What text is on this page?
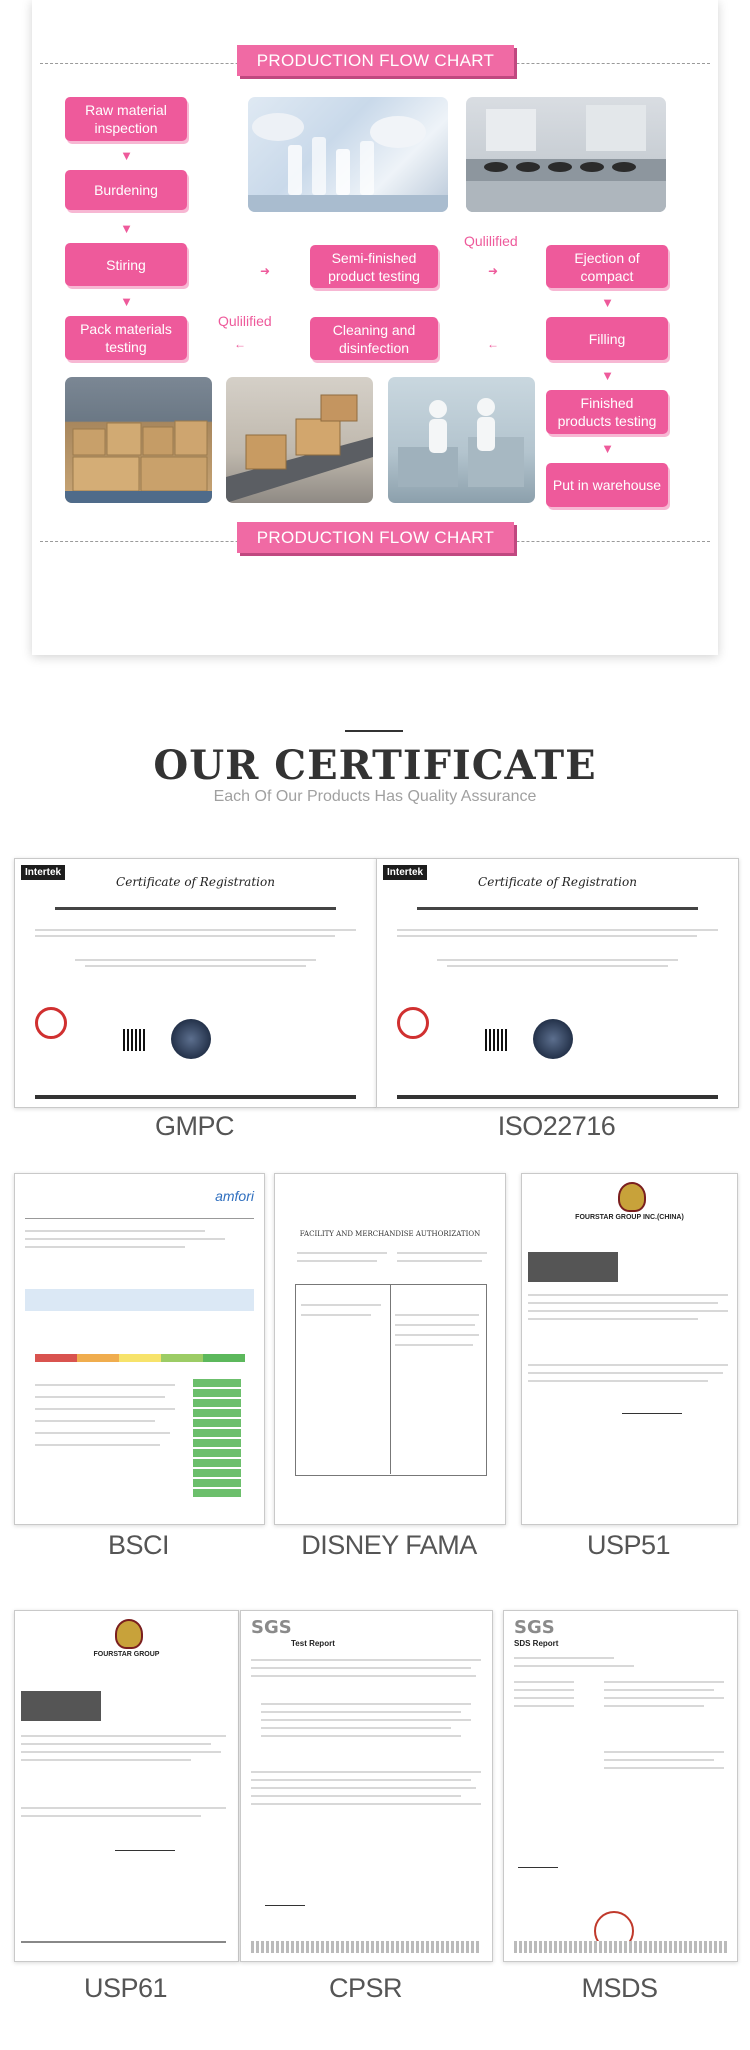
PRODUCTION FLOW CHART
Raw material inspection
▼
Burdening
▼
Stiring
▼
Pack materials testing
➜
Semi-finished product testing
Qulilified
➜
Ejection of compact
▼
Qulilified
←
Cleaning and disinfection	←	Filling
▼
Finished products testing
▼
Put in warehouse
PRODUCTION FLOW CHART
OUR CERTIFICATE
Each Of Our Products Has Quality Assurance
Intertek
Certificate of Registration
Intertek
Certificate of Registration
GMPC	ISO22716
amfori
FACILITY AND MERCHANDISE AUTHORIZATION
FOURSTAR GROUP INC.(CHINA)
BSCI	DISNEY FAMA	USP51
FOURSTAR GROUP
SGS
Test Report
SGS
SDS Report
USP61	CPSR	MSDS
